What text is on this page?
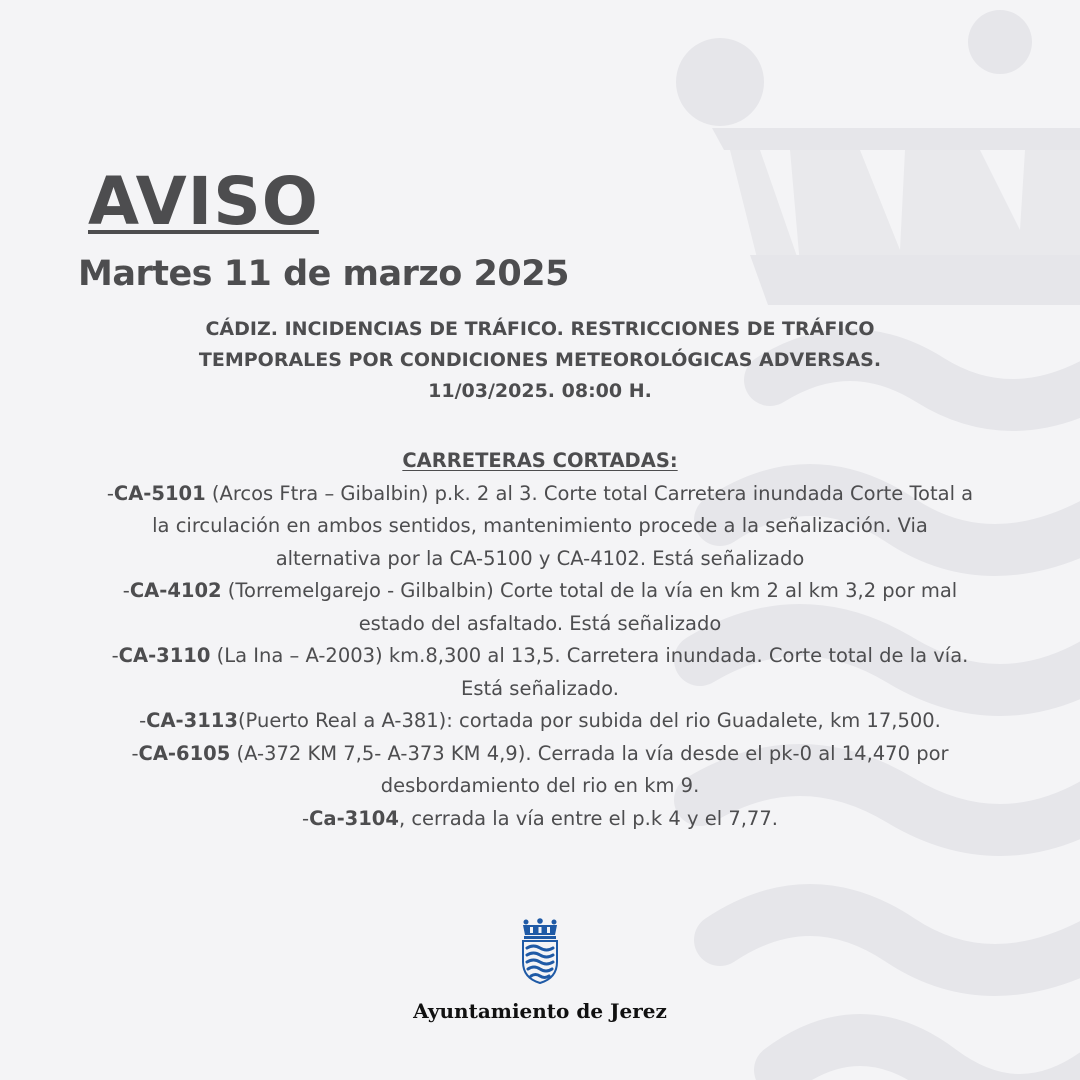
AVISO
Martes 11 de marzo 2025
CÁDIZ. INCIDENCIAS DE TRÁFICO. RESTRICCIONES DE TRÁFICO
TEMPORALES POR CONDICIONES METEOROLÓGICAS ADVERSAS.
11/03/2025. 08:00 H.
CARRETERAS CORTADAS:
-CA-5101 (Arcos Ftra – Gibalbin) p.k. 2 al 3. Corte total Carretera inundada Corte Total a la circulación en ambos sentidos, mantenimiento procede a la señalización. Via alternativa por la CA-5100 y CA-4102. Está señalizado
-CA-4102 (Torremelgarejo - Gilbalbin) Corte total de la vía en km 2 al km 3,2 por mal estado del asfaltado. Está señalizado
-CA-3110 (La Ina – A-2003) km.8,300 al 13,5. Carretera inundada. Corte total de la vía. Está señalizado.
-CA-3113(Puerto Real a A-381): cortada por subida del rio Guadalete, km 17,500.
-CA-6105 (A-372 KM 7,5- A-373 KM 4,9). Cerrada la vía desde el pk-0 al 14,470 por desbordamiento del rio en km 9.
-Ca-3104, cerrada la vía entre el p.k 4 y el 7,77.
Ayuntamiento de Jerez
